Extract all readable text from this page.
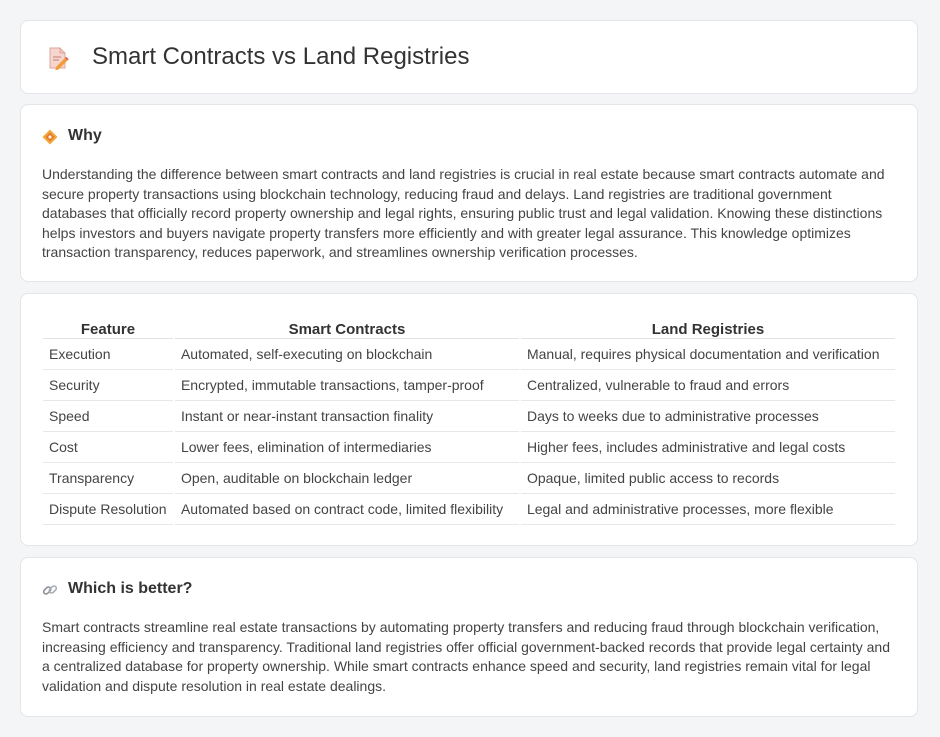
Smart Contracts vs Land Registries
Why

Understanding the difference between smart contracts and land registries is crucial in real estate because smart contracts automate and secure property transactions using blockchain technology, reducing fraud and delays. Land registries are traditional government databases that officially record property ownership and legal rights, ensuring public trust and legal validation. Knowing these distinctions helps investors and buyers navigate property transfers more efficiently and with greater legal assurance. This knowledge optimizes transaction transparency, reduces paperwork, and streamlines ownership verification processes.

Feature	Smart Contracts	Land Registries
Execution	Automated, self-executing on blockchain	Manual, requires physical documentation and verification
Security	Encrypted, immutable transactions, tamper-proof	Centralized, vulnerable to fraud and errors
Speed	Instant or near-instant transaction finality	Days to weeks due to administrative processes
Cost	Lower fees, elimination of intermediaries	Higher fees, includes administrative and legal costs
Transparency	Open, auditable on blockchain ledger	Opaque, limited public access to records
Dispute Resolution	Automated based on contract code, limited flexibility	Legal and administrative processes, more flexible
Which is better?

Smart contracts streamline real estate transactions by automating property transfers and reducing fraud through blockchain verification, increasing efficiency and transparency. Traditional land registries offer official government-backed records that provide legal certainty and a centralized database for property ownership. While smart contracts enhance speed and security, land registries remain vital for legal validation and dispute resolution in real estate dealings.
